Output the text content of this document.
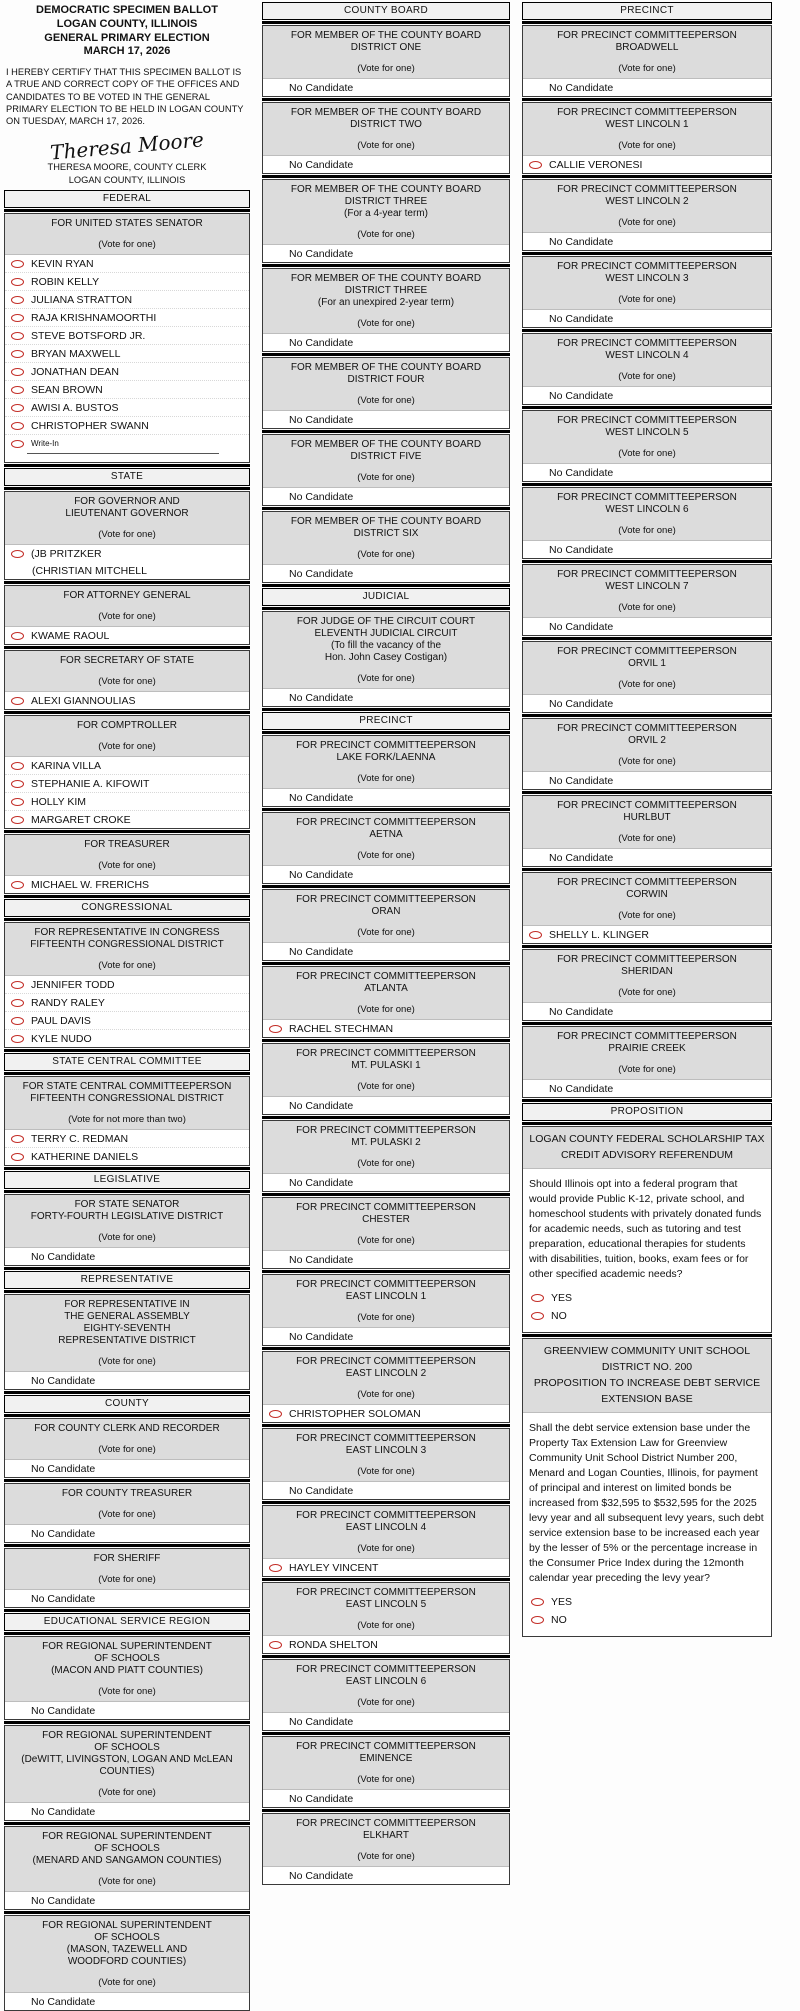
DEMOCRATIC SPECIMEN BALLOT
LOGAN COUNTY, ILLINOIS
GENERAL PRIMARY ELECTION
MARCH 17, 2026
I HEREBY CERTIFY THAT THIS SPECIMEN BALLOT IS A TRUE AND CORRECT COPY OF THE OFFICES AND CANDIDATES TO BE VOTED IN THE GENERAL PRIMARY ELECTION TO BE HELD IN LOGAN COUNTY ON TUESDAY, MARCH 17, 2026.
Theresa Moore
THERESA MOORE, COUNTY CLERK
LOGAN COUNTY, ILLINOIS
FEDERAL
FOR UNITED STATES SENATOR
(Vote for one)
KEVIN RYAN
ROBIN KELLY
JULIANA STRATTON
RAJA KRISHNAMOORTHI
STEVE BOTSFORD JR.
BRYAN MAXWELL
JONATHAN DEAN
SEAN BROWN
AWISI A. BUSTOS
CHRISTOPHER SWANN
Write-In
STATE
FOR GOVERNOR AND
LIEUTENANT GOVERNOR
(Vote for one)
(JB PRITZKER
(CHRISTIAN MITCHELL
FOR ATTORNEY GENERAL
(Vote for one)
KWAME RAOUL
FOR SECRETARY OF STATE
(Vote for one)
ALEXI GIANNOULIAS
FOR COMPTROLLER
(Vote for one)
KARINA VILLA
STEPHANIE A. KIFOWIT
HOLLY KIM
MARGARET CROKE
FOR TREASURER
(Vote for one)
MICHAEL W. FRERICHS
CONGRESSIONAL
FOR REPRESENTATIVE IN CONGRESS
FIFTEENTH CONGRESSIONAL DISTRICT
(Vote for one)
JENNIFER TODD
RANDY RALEY
PAUL DAVIS
KYLE NUDO
STATE CENTRAL COMMITTEE
FOR STATE CENTRAL COMMITTEEPERSON
FIFTEENTH CONGRESSIONAL DISTRICT
(Vote for not more than two)
TERRY C. REDMAN
KATHERINE DANIELS
LEGISLATIVE
FOR STATE SENATOR
FORTY-FOURTH LEGISLATIVE DISTRICT
(Vote for one)
No Candidate
REPRESENTATIVE
FOR REPRESENTATIVE IN
THE GENERAL ASSEMBLY
EIGHTY-SEVENTH
REPRESENTATIVE DISTRICT
(Vote for one)
No Candidate
COUNTY
FOR COUNTY CLERK AND RECORDER
(Vote for one)
No Candidate
FOR COUNTY TREASURER
(Vote for one)
No Candidate
FOR SHERIFF
(Vote for one)
No Candidate
EDUCATIONAL SERVICE REGION
FOR REGIONAL SUPERINTENDENT
OF SCHOOLS
(MACON AND PIATT COUNTIES)
(Vote for one)
No Candidate
FOR REGIONAL SUPERINTENDENT
OF SCHOOLS
(DeWITT, LIVINGSTON, LOGAN AND McLEAN
COUNTIES)
(Vote for one)
No Candidate
FOR REGIONAL SUPERINTENDENT
OF SCHOOLS
(MENARD AND SANGAMON COUNTIES)
(Vote for one)
No Candidate
FOR REGIONAL SUPERINTENDENT
OF SCHOOLS
(MASON, TAZEWELL AND
WOODFORD COUNTIES)
(Vote for one)
No Candidate
COUNTY BOARD
FOR MEMBER OF THE COUNTY BOARD
DISTRICT ONE
(Vote for one)
No Candidate
FOR MEMBER OF THE COUNTY BOARD
DISTRICT TWO
(Vote for one)
No Candidate
FOR MEMBER OF THE COUNTY BOARD
DISTRICT THREE
(For a 4-year term)
(Vote for one)
No Candidate
FOR MEMBER OF THE COUNTY BOARD
DISTRICT THREE
(For an unexpired 2-year term)
(Vote for one)
No Candidate
FOR MEMBER OF THE COUNTY BOARD
DISTRICT FOUR
(Vote for one)
No Candidate
FOR MEMBER OF THE COUNTY BOARD
DISTRICT FIVE
(Vote for one)
No Candidate
FOR MEMBER OF THE COUNTY BOARD
DISTRICT SIX
(Vote for one)
No Candidate
JUDICIAL
FOR JUDGE OF THE CIRCUIT COURT
ELEVENTH JUDICIAL CIRCUIT
(To fill the vacancy of the
Hon. John Casey Costigan)
(Vote for one)
No Candidate
PRECINCT
FOR PRECINCT COMMITTEEPERSON
LAKE FORK/LAENNA
(Vote for one)
No Candidate
FOR PRECINCT COMMITTEEPERSON
AETNA
(Vote for one)
No Candidate
FOR PRECINCT COMMITTEEPERSON
ORAN
(Vote for one)
No Candidate
FOR PRECINCT COMMITTEEPERSON
ATLANTA
(Vote for one)
RACHEL STECHMAN
FOR PRECINCT COMMITTEEPERSON
MT. PULASKI 1
(Vote for one)
No Candidate
FOR PRECINCT COMMITTEEPERSON
MT. PULASKI 2
(Vote for one)
No Candidate
FOR PRECINCT COMMITTEEPERSON
CHESTER
(Vote for one)
No Candidate
FOR PRECINCT COMMITTEEPERSON
EAST LINCOLN 1
(Vote for one)
No Candidate
FOR PRECINCT COMMITTEEPERSON
EAST LINCOLN 2
(Vote for one)
CHRISTOPHER SOLOMAN
FOR PRECINCT COMMITTEEPERSON
EAST LINCOLN 3
(Vote for one)
No Candidate
FOR PRECINCT COMMITTEEPERSON
EAST LINCOLN 4
(Vote for one)
HAYLEY VINCENT
FOR PRECINCT COMMITTEEPERSON
EAST LINCOLN 5
(Vote for one)
RONDA SHELTON
FOR PRECINCT COMMITTEEPERSON
EAST LINCOLN 6
(Vote for one)
No Candidate
FOR PRECINCT COMMITTEEPERSON
EMINENCE
(Vote for one)
No Candidate
FOR PRECINCT COMMITTEEPERSON
ELKHART
(Vote for one)
No Candidate
PRECINCT
FOR PRECINCT COMMITTEEPERSON
BROADWELL
(Vote for one)
No Candidate
FOR PRECINCT COMMITTEEPERSON
WEST LINCOLN 1
(Vote for one)
CALLIE VERONESI
FOR PRECINCT COMMITTEEPERSON
WEST LINCOLN 2
(Vote for one)
No Candidate
FOR PRECINCT COMMITTEEPERSON
WEST LINCOLN 3
(Vote for one)
No Candidate
FOR PRECINCT COMMITTEEPERSON
WEST LINCOLN 4
(Vote for one)
No Candidate
FOR PRECINCT COMMITTEEPERSON
WEST LINCOLN 5
(Vote for one)
No Candidate
FOR PRECINCT COMMITTEEPERSON
WEST LINCOLN 6
(Vote for one)
No Candidate
FOR PRECINCT COMMITTEEPERSON
WEST LINCOLN 7
(Vote for one)
No Candidate
FOR PRECINCT COMMITTEEPERSON
ORVIL 1
(Vote for one)
No Candidate
FOR PRECINCT COMMITTEEPERSON
ORVIL 2
(Vote for one)
No Candidate
FOR PRECINCT COMMITTEEPERSON
HURLBUT
(Vote for one)
No Candidate
FOR PRECINCT COMMITTEEPERSON
CORWIN
(Vote for one)
SHELLY L. KLINGER
FOR PRECINCT COMMITTEEPERSON
SHERIDAN
(Vote for one)
No Candidate
FOR PRECINCT COMMITTEEPERSON
PRAIRIE CREEK
(Vote for one)
No Candidate
PROPOSITION
LOGAN COUNTY FEDERAL SCHOLARSHIP TAX
CREDIT ADVISORY REFERENDUM
Should Illinois opt into a federal program that would provide Public K-12, private school, and homeschool students with privately donated funds for academic needs, such as tutoring and test preparation, educational therapies for students with disabilities, tuition, books, exam fees or for other specified academic needs?
YES
NO
GREENVIEW COMMUNITY UNIT SCHOOL
DISTRICT NO. 200
PROPOSITION TO INCREASE DEBT SERVICE
EXTENSION BASE
Shall the debt service extension base under the Property Tax Extension Law for Greenview Community Unit School District Number 200, Menard and Logan Counties, Illinois, for payment of principal and interest on limited bonds be increased from $32,595 to $532,595 for the 2025 levy year and all subsequent levy years, such debt service extension base to be increased each year by the lesser of 5% or the percentage increase in the Consumer Price Index during the 12month calendar year preceding the levy year?
YES
NO
